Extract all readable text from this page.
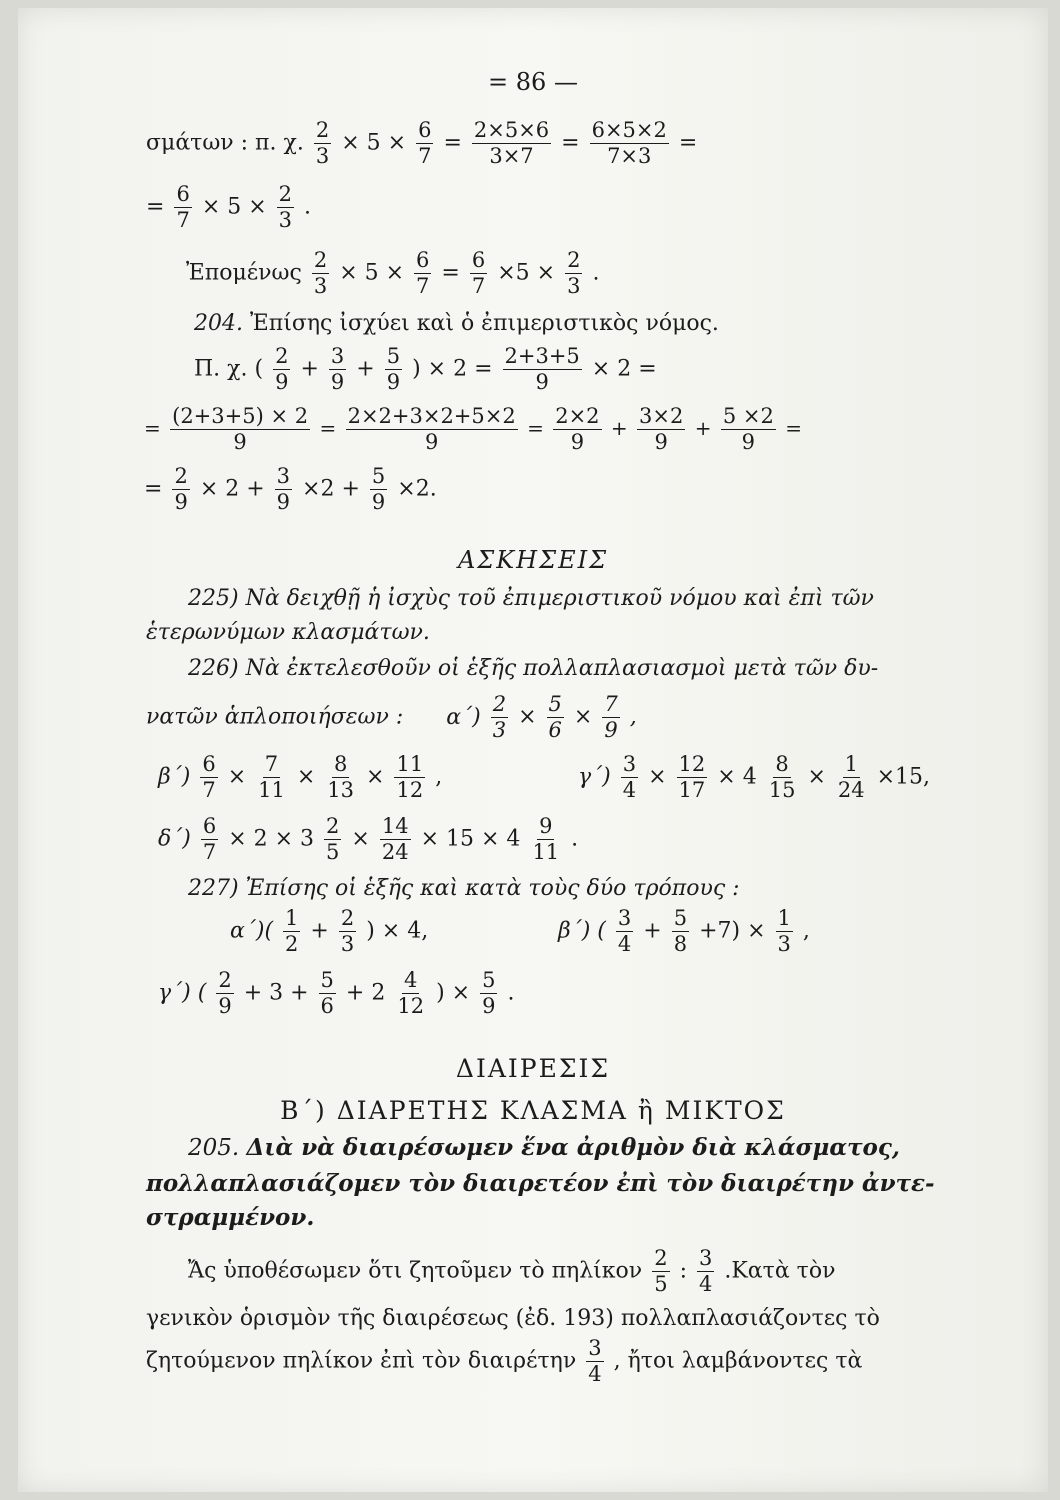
= 86 —
σμάτων : π. χ. $\frac{2}{3} \times 5 \times \frac{6}{7} = \frac{2\times 5\times 6}{3\times 7} = \frac{6\times 5\times 2}{7\times 3}$ =
= $\frac{6}{7} \times 5 \times \frac{2}{3}$ .
Ἐπομένως $\frac{2}{3} \times 5 \times \frac{6}{7} = \frac{6}{7} \times 5 \times \frac{2}{3}$ .
204. Ἐπίσης ἰσχύει καὶ ὁ ἐπιμεριστικὸς νόμος.
Π. χ. ( $\frac{2}{9} + \frac{3}{9} + \frac{5}{9}$ ) × $2 = \frac{2+3+5}{9} \times 2$ =
= $\frac{(2+3+5) \times 2}{9} = \frac{2\times 2+3\times 2+5\times 2}{9} = \frac{2\times 2}{9} + \frac{3\times 2}{9} + \frac{5 \times 2}{9}$ =
= $\frac{2}{9} \times 2 + \frac{3}{9} \times 2 + \frac{5}{9} \times 2$.
ΑΣΚΗΣΕΙΣ
225) Νὰ δειχθῇ ἡ ἰσχὺς τοῦ ἐπιμεριστικοῦ νόμου καὶ ἐπὶ τῶν
ἑτερωνύμων κλασμάτων.
226) Νὰ ἐκτελεσθοῦν οἱ ἑξῆς πολλαπλασιασμοὶ μετὰ τῶν δυ-
νατῶν ἁπλοποιήσεων : $\alpha΄) \frac{2}{3} \times \frac{5}{6} \times \frac{7}{9}$ ,
$\beta΄) \frac{6}{7} \times \frac{7}{11} \times \frac{8}{13} \times \frac{11}{12}$ ,	$\gamma΄) \frac{3}{4} \times \frac{12}{17} \times 4 \frac{8}{15} \times \frac{1}{24} \times 15$,
$\delta΄) \frac{6}{7} \times 2 \times 3 \frac{2}{5} \times \frac{14}{24} \times 15 \times 4 \frac{9}{11}$ .
227) Ἐπίσης οἱ ἑξῆς καὶ κατὰ τοὺς δύο τρόπους :
$\alpha΄)( \frac{1}{2} + \frac{2}{3}$ ) × 4,	β΄) ( $\frac{3}{4} + \frac{5}{8} +7) \times \frac{1}{3}$ ,
γ΄) ( $\frac{2}{9} + 3 + \frac{5}{6} + 2 \frac{4}{12}$ ) × $\frac{5}{9}$ .
ΔΙΑΙΡΕΣΙΣ
Β΄) ΔΙΑΡΕΤΗΣ ΚΛΑΣΜΑ ἢ ΜΙΚΤΟΣ
205. Διὰ νὰ διαιρέσωμεν ἕνα ἀριθμὸν διὰ κλάσματος,
πολλαπλασιάζομεν τὸν διαιρετέον ἐπὶ τὸν διαιρέτην ἀντε-
στραμμένον.
Ἄς ὑποθέσωμεν ὅτι ζητοῦμεν τὸ πηλίκον $\frac{2}{5}$ : $\frac{3}{4}$ .Κατὰ τὸν
γενικὸν ὁρισμὸν τῆς διαιρέσεως (ἐδ. 193) πολλαπλασιάζοντες τὸ
ζητούμενον πηλίκον ἐπὶ τὸν διαιρέτην $\frac{3}{4}$ , ἤτοι λαμβάνοντες τὰ
